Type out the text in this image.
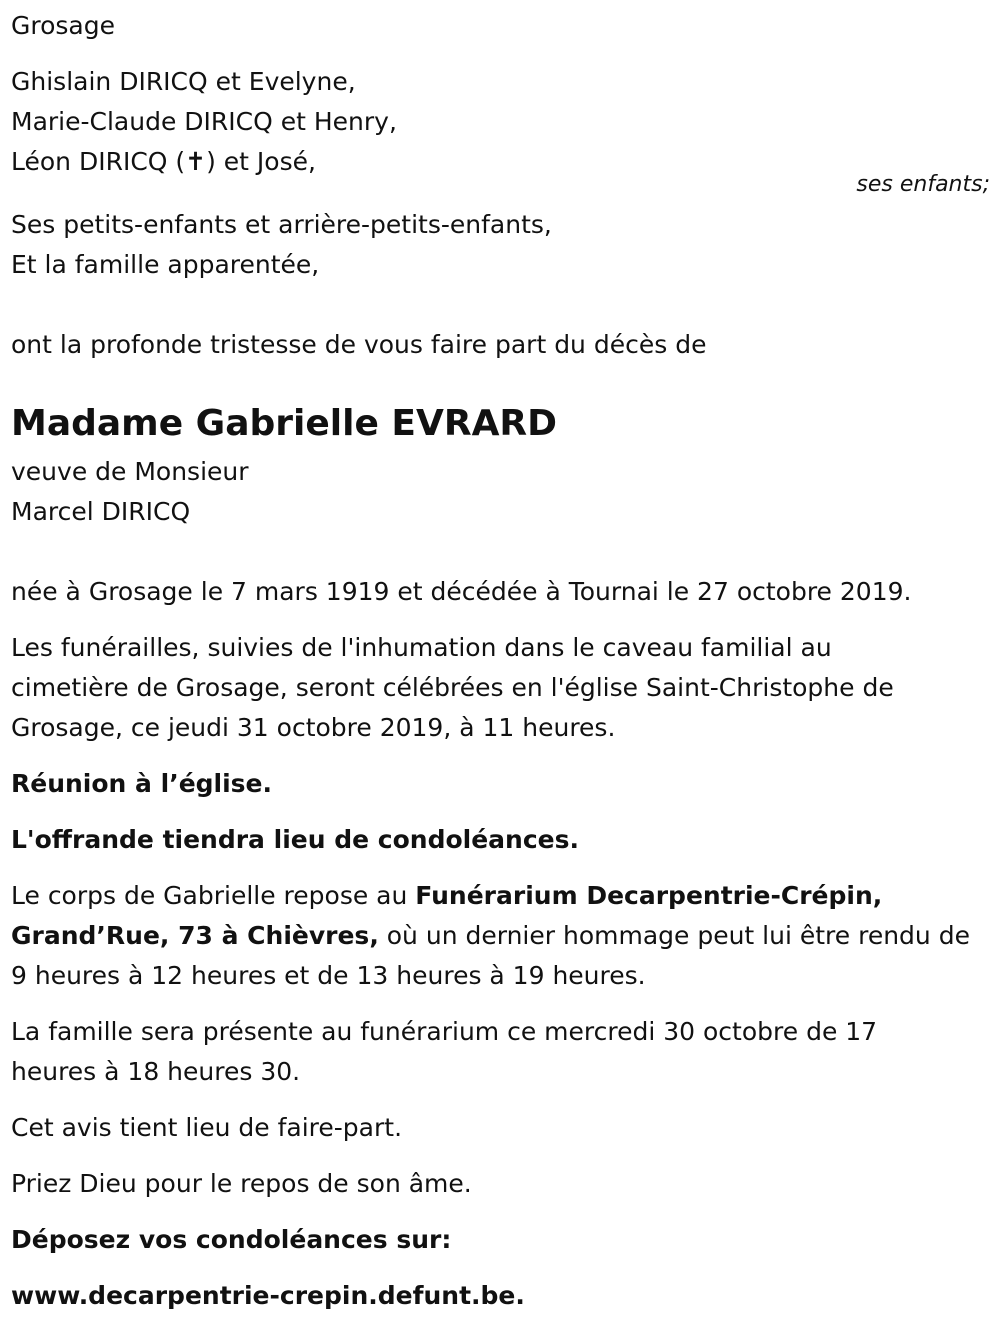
Grosage

Ghislain DIRICQ et Evelyne,

Marie-Claude DIRICQ et Henry,

Léon DIRICQ (✝) et José,

ses enfants;

Ses petits-enfants et arrière-petits-enfants,

Et la famille apparentée,

ont la profonde tristesse de vous faire part du décès de

Madame Gabrielle EVRARD

veuve de Monsieur

Marcel DIRICQ

née à Grosage le 7 mars 1919 et décédée à Tournai le 27 octobre 2019.

Les funérailles, suivies de l'inhumation dans le caveau familial au

cimetière de Grosage, seront célébrées en l'église Saint-Christophe de

Grosage, ce jeudi 31 octobre 2019, à 11 heures.

Réunion à l’église.

L'offrande tiendra lieu de condoléances.

Le corps de Gabrielle repose au Funérarium Decarpentrie-Crépin,

Grand’Rue, 73 à Chièvres, où un dernier hommage peut lui être rendu de

9 heures à 12 heures et de 13 heures à 19 heures.

La famille sera présente au funérarium ce mercredi 30 octobre de 17

heures à 18 heures 30.

Cet avis tient lieu de faire-part.

Priez Dieu pour le repos de son âme.

Déposez vos condoléances sur:

www.decarpentrie-crepin.defunt.be.
